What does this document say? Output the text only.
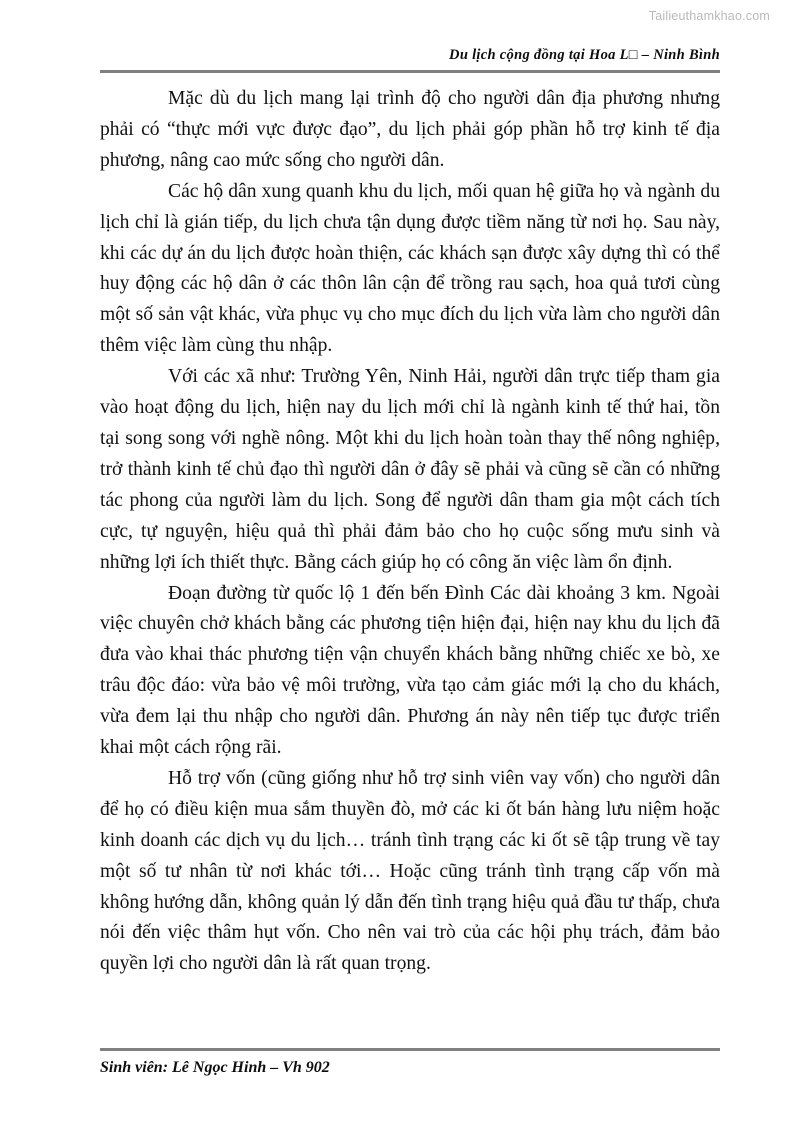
Tailieuthamkhao.com
Du lịch cộng đồng tại Hoa L□ – Ninh Bình

Mặc dù du lịch mang lại trình độ cho người dân địa phương nhưng phải có “thực mới vực được đạo”, du lịch phải góp phần hỗ trợ kinh tế địa phương, nâng cao mức sống cho người dân.

Các hộ dân xung quanh khu du lịch, mối quan hệ giữa họ và ngành du lịch chỉ là gián tiếp, du lịch chưa tận dụng được tiềm năng từ nơi họ. Sau này, khi các dự án du lịch được hoàn thiện, các khách sạn được xây dựng thì có thể huy động các hộ dân ở các thôn lân cận để trồng rau sạch, hoa quả tươi cùng một số sản vật khác, vừa phục vụ cho mục đích du lịch vừa làm cho người dân thêm việc làm cùng thu nhập.

Với các xã như: Trường Yên, Ninh Hải, người dân trực tiếp tham gia vào hoạt động du lịch, hiện nay du lịch mới chỉ là ngành kinh tế thứ hai, tồn tại song song với nghề nông. Một khi du lịch hoàn toàn thay thế nông nghiệp, trở thành kinh tế chủ đạo thì người dân ở đây sẽ phải và cũng sẽ cần có những tác phong của người làm du lịch. Song để người dân tham gia một cách tích cực, tự nguyện, hiệu quả thì phải đảm bảo cho họ cuộc sống mưu sinh và những lợi ích thiết thực. Bằng cách giúp họ có công ăn việc làm ổn định.

Đoạn đường từ quốc lộ 1 đến bến Đình Các dài khoảng 3 km. Ngoài việc chuyên chở khách bằng các phương tiện hiện đại, hiện nay khu du lịch đã đưa vào khai thác phương tiện vận chuyển khách bằng những chiếc xe bò, xe trâu độc đáo: vừa bảo vệ môi trường, vừa tạo cảm giác mới lạ cho du khách, vừa đem lại thu nhập cho người dân. Phương án này nên tiếp tục được triển khai một cách rộng rãi.

Hỗ trợ vốn (cũng giống như hỗ trợ sinh viên vay vốn) cho người dân để họ có điều kiện mua sắm thuyền đò, mở các ki ốt bán hàng lưu niệm hoặc kinh doanh các dịch vụ du lịch… tránh tình trạng các ki ốt sẽ tập trung về tay một số tư nhân từ nơi khác tới… Hoặc cũng tránh tình trạng cấp vốn mà không hướng dẫn, không quản lý dẫn đến tình trạng hiệu quả đầu tư thấp, chưa nói đến việc thâm hụt vốn. Cho nên vai trò của các hội phụ trách, đảm bảo quyền lợi cho người dân là rất quan trọng.

Sinh viên: Lê Ngọc Hinh – Vh 902
